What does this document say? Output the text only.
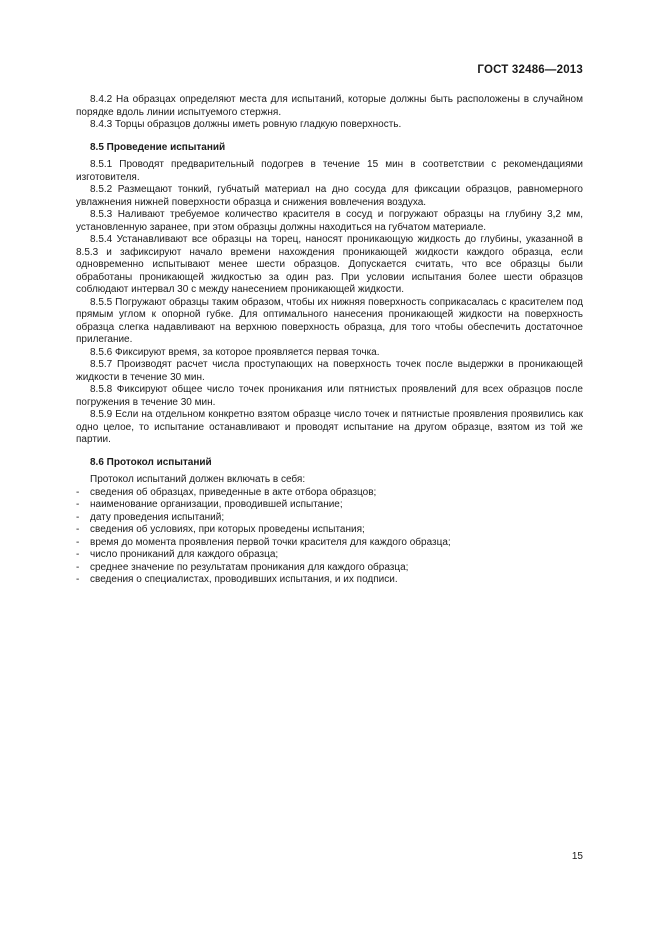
ГОСТ 32486—2013

8.4.2 На образцах определяют места для испытаний, которые должны быть расположены в случайном порядке вдоль линии испытуемого стержня.

8.4.3 Торцы образцов должны иметь ровную гладкую поверхность.

8.5 Проведение испытаний

8.5.1 Проводят предварительный подогрев в течение 15 мин в соответствии с рекомендациями изготовителя.

8.5.2 Размещают тонкий, губчатый материал на дно сосуда для фиксации образцов, равномерного увлажнения нижней поверхности образца и снижения вовлечения воздуха.

8.5.3 Наливают требуемое количество красителя в сосуд и погружают образцы на глубину 3,2 мм, установленную заранее, при этом образцы должны находиться на губчатом материале.

8.5.4 Устанавливают все образцы на торец, наносят проникающую жидкость до глубины, указанной в 8.5.3 и зафиксируют начало времени нахождения проникающей жидкости каждого образца, если одновременно испытывают менее шести образцов. Допускается считать, что все образцы были обработаны проникающей жидкостью за один раз. При условии испытания более шести образцов соблюдают интервал 30 с между нанесением проникающей жидкости.

8.5.5 Погружают образцы таким образом, чтобы их нижняя поверхность соприкасалась с красителем под прямым углом к опорной губке. Для оптимального нанесения проникающей жидкости на поверхность образца слегка надавливают на верхнюю поверхность образца, для того чтобы обеспечить достаточное прилегание.

8.5.6 Фиксируют время, за которое проявляется первая точка.

8.5.7 Производят расчет числа проступающих на поверхность точек после выдержки в проникающей жидкости в течение 30 мин.

8.5.8 Фиксируют общее число точек проникания или пятнистых проявлений для всех образцов после погружения в течение 30 мин.

8.5.9 Если на отдельном конкретно взятом образце число точек и пятнистые проявления проявились как одно целое, то испытание останавливают и проводят испытание на другом образце, взятом из той же партии.

8.6 Протокол испытаний

Протокол испытаний должен включать в себя:

- сведения об образцах, приведенные в акте отбора образцов;
- наименование организации, проводившей испытание;
- дату проведения испытаний;
- сведения об условиях, при которых проведены испытания;
- время до момента проявления первой точки красителя для каждого образца;
- число прониканий для каждого образца;
- среднее значение по результатам проникания для каждого образца;
- сведения о специалистах, проводивших испытания, и их подписи.
15
